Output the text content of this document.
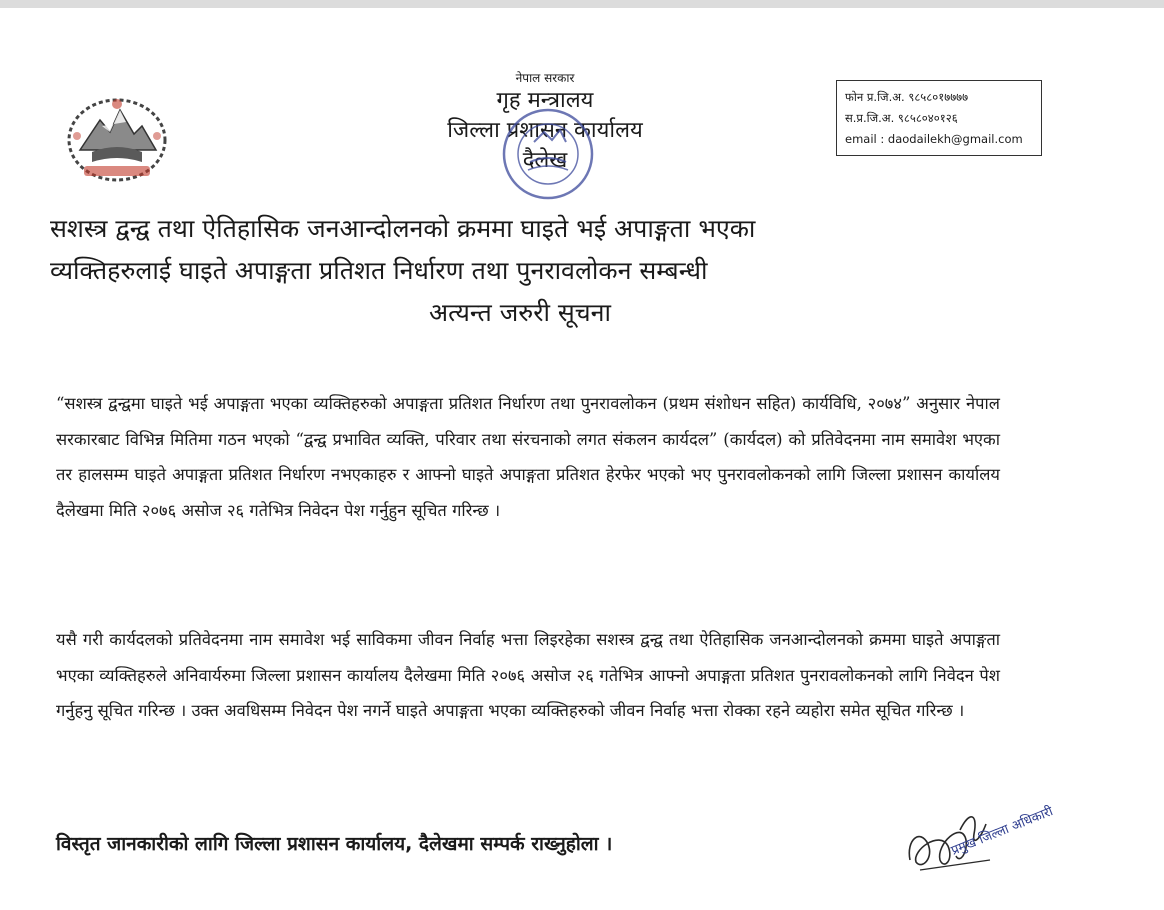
नेपाल सरकार
गृह मन्त्रालय
जिल्ला प्रशासन कार्यालय
दैलेख
फोन प्र.जि.अ. ९८५८०१७७७७
स.प्र.जि.अ. ९८५८०४०१२६
email : daodailekh@gmail.com
सशस्त्र द्वन्द्व तथा ऐतिहासिक जनआन्दोलनको क्रममा घाइते भई अपाङ्गता भएका
व्यक्तिहरुलाई घाइते अपाङ्गता प्रतिशत निर्धारण तथा पुनरावलोकन सम्बन्धी
अत्यन्त जरुरी सूचना
“सशस्त्र द्वन्द्वमा घाइते भई अपाङ्गता भएका व्यक्तिहरुको अपाङ्गता प्रतिशत निर्धारण तथा पुनरावलोकन (प्रथम संशोधन सहित) कार्यविधि, २०७४” अनुसार नेपाल सरकारबाट विभिन्न मितिमा गठन भएको “द्वन्द्व प्रभावित व्यक्ति, परिवार तथा संरचनाको लगत संकलन कार्यदल” (कार्यदल) को प्रतिवेदनमा नाम समावेश भएका तर हालसम्म घाइते अपाङ्गता प्रतिशत निर्धारण नभएकाहरु र आफ्नो घाइते अपाङ्गता प्रतिशत हेरफेर भएको भए पुनरावलोकनको लागि जिल्ला प्रशासन कार्यालय दैलेखमा मिति २०७६ असोज २६ गतेभित्र निवेदन पेश गर्नुहुन सूचित गरिन्छ ।
यसै गरी कार्यदलको प्रतिवेदनमा नाम समावेश भई साविकमा जीवन निर्वाह भत्ता लिइरहेका सशस्त्र द्वन्द्व तथा ऐतिहासिक जनआन्दोलनको क्रममा घाइते अपाङ्गता भएका व्यक्तिहरुले अनिवार्यरुमा जिल्ला प्रशासन कार्यालय दैलेखमा मिति २०७६ असोज २६ गतेभित्र आफ्नो अपाङ्गता प्रतिशत पुनरावलोकनको लागि निवेदन पेश गर्नुहनु सूचित गरिन्छ । उक्त अवधिसम्म निवेदन पेश नगर्ने घाइते अपाङ्गता भएका व्यक्तिहरुको जीवन निर्वाह भत्ता रोक्का रहने व्यहोरा समेत सूचित गरिन्छ ।
विस्तृत जानकारीको लागि जिल्ला प्रशासन कार्यालय, दैलेखमा सम्पर्क राख्नुहोला ।	प्रमुख जिल्ला अधिकारी
